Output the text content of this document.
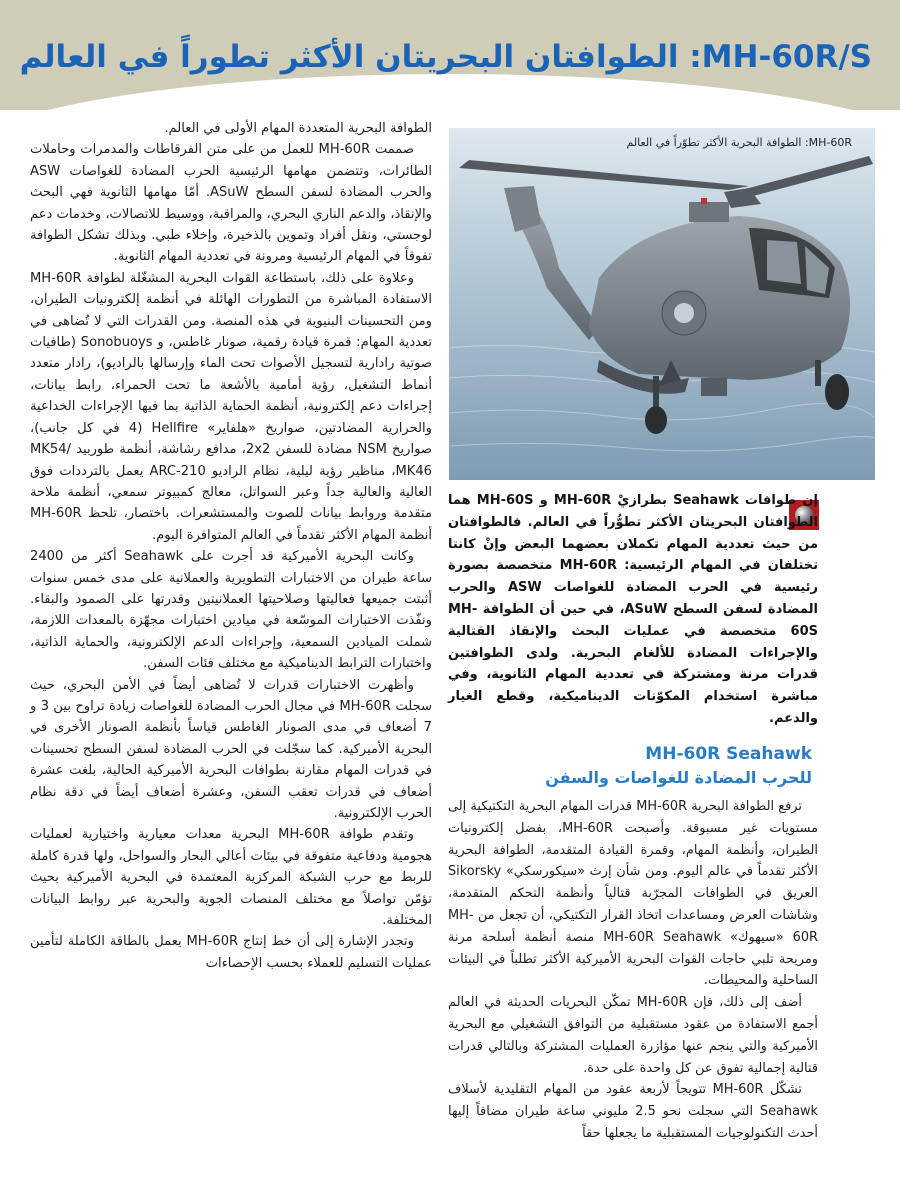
MH-60R/S: الطوافتان البحريتان الأكثر تطوراً في العالم

الطوافة البحرية المتعددة المهام الأولى في العالم.

صممت MH-60R للعمل من على متن الفرقاطات والمدمرات وحاملات الطائرات، وتتضمن مهامها الرئيسية الحرب المضادة للغواصات ASW والحرب المضادة لسفن السطح ASuW. أمّا مهامها الثانوية فهي البحث والإنقاذ، والدعم الناري البحري، والمراقبة، ووسيط للاتصالات، وخدمات دعم لوجستي، ونقل أفراد وتموين بالذخيرة، وإخلاء طبي. وبذلك تشكل الطوافة تفوقاً في المهام الرئيسية ومرونة في تعددية المهام الثانوية.

وعلاوة على ذلك، باستطاعة القوات البحرية المشغّلة لطوافة MH-60R الاستفادة المباشرة من التطورات الهائلة في أنظمة إلكترونيات الطيران، ومن التحسينات البنيوية في هذه المنصة. ومن القدرات التي لا تُضاهى في تعددية المهام: قمرة قيادة رقمية، صونار غاطس، و Sonobuoys (طافيات صوتية رادارية لتسجيل الأصوات تحت الماء وإرسالها بالراديو)، رادار متعدد أنماط التشغيل، رؤية أمامية بالأشعة ما تحت الحمراء، رابط بيانات، إجراءات دعم إلكترونية، أنظمة الحماية الذاتية بما فيها الإجراءات الخداعية والحرارية المضادتين، صواريخ «هلفاير» Hellfire (4 في كل جانب)، صواريخ NSM مضادة للسفن 2x2، مدافع رشاشة، أنظمة طوربيد MK54/ MK46، مناظير رؤية ليلية، نظام الراديو ARC-210 يعمل بالترددات فوق العالية والعالية جداً وعبر السواتل، معالج كمبيوتر سمعي، أنظمة ملاحة متقدمة وروابط بيانات للصوت والمستشعرات. باختصار، تلحظ MH-60R أنظمة المهام الأكثر تقدماً في العالم المتوافرة اليوم.

وكانت البحرية الأميركية قد أجرت على Seahawk أكثر من 2400 ساعة طيران من الاختبارات التطويرية والعملانية على مدى خمس سنوات أثبتت جميعها فعاليتها وصلاحيتها العملانيتين وقدرتها على الصمود والبقاء. ونفّذت الاختبارات الموسّعة في ميادين اختبارات مجهّزة بالمعدات اللازمة، شملت الميادين السمعية، وإجراءات الدعم الإلكترونية، والحماية الذاتية، واختبارات الترابط الديناميكية مع مختلف فئات السفن.

وأظهرت الاختبارات قدرات لا تُضاهى أيضاً في الأمن البحري، حيث سجلت MH-60R في مجال الحرب المضادة للغواصات زيادة تراوح بين 3 و 7 أضعاف في مدى الصونار الغاطس قياساً بأنظمة الصونار الأخرى في البحرية الأميركية. كما سجّلت في الحرب المضادة لسفن السطح تحسينات في قدرات المهام مقارنة بطوافات البحرية الأميركية الحالية، بلغت عشرة أضعاف في قدرات تعقب السفن، وعشرة أضعاف أيضاً في دقة نظام الحرب الإلكترونية.

وتقدم طوافة MH-60R البحرية معدات معيارية واختيارية لعمليات هجومية ودفاعية متفوقة في بيئات أعالي البحار والسواحل، ولها قدرة كاملة للربط مع حرب الشبكة المركزية المعتمدة في البحرية الأميركية بحيث تؤمّن تواصلاً مع مختلف المنصات الجوية والبحرية عبر روابط البيانات المختلفة.

وتجدر الإشارة إلى أن خط إنتاج MH-60R يعمل بالطاقة الكاملة لتأمين عمليات التسليم للعملاء بحسب الإحصاءات

MH-60R: الطوافة البحرية الأكثر تطوّراً في العالم

إن طوافات Seahawk بطرازيْ MH-60R و MH-60S هما الطوافتان البحريتان الأكثر تطوُّراً في العالم. فالطوافتان من حيث تعددية المهام تكملان بعضهما البعض وإنْ كانتا تختلفان في المهام الرئيسية: MH-60R متخصصة بصورة رئيسية في الحرب المضادة للغواصات ASW والحرب المضادة لسفن السطح ASuW، في حين أن الطوافة MH-60S متخصصة في عمليات البحث والإنقاذ القتالية والإجراءات المضادة للألغام البحرية. ولدى الطوافتين قدرات مرنة ومشتركة في تعددية المهام الثانوية، وفي مباشرة استخدام المكوّنات الديناميكية، وقطع الغيار والدعم.

MH-60R Seahawk
للحرب المضادة للغواصات والسفن

ترفع الطوافة البحرية MH-60R قدرات المهام البحرية التكتيكية إلى مستويات غير مسبوقة. وأصبحت MH-60R، بفضل إلكترونيات الطيران، وأنظمة المهام، وقمرة القيادة المتقدمة، الطوافة البحرية الأكثر تقدماً في عالم اليوم. ومن شأن إرث «سيكورسكي» Sikorsky العريق في الطوافات المجرّبة قتالياً وأنظمة التحكم المتقدمة، وشاشات العرض ومساعدات اتخاذ القرار التكتيكي، أن تجعل من MH-60R «سيهوك» MH-60R Seahawk منصة أنظمة أسلحة مرنة ومريحة تلبي حاجات القوات البحرية الأميركية الأكثر تطلباً في البيئات الساحلية والمحيطات.

أضف إلى ذلك، فإن MH-60R تمكّن البحريات الحديثة في العالم أجمع الاستفادة من عقود مستقبلية من التوافق التشغيلي مع البحرية الأميركية والتي ينجم عنها مؤازرة العمليات المشتركة وبالتالي قدرات قتالية إجمالية تفوق عن كل واحدة على حدة.

تشكّل MH-60R تتويجاً لأربعة عقود من المهام التقليدية لأسلاف Seahawk التي سجلت نحو 2.5 مليوني ساعة طيران مضافاً إليها أحدث التكنولوجيات المستقبلية ما يجعلها حقاً
